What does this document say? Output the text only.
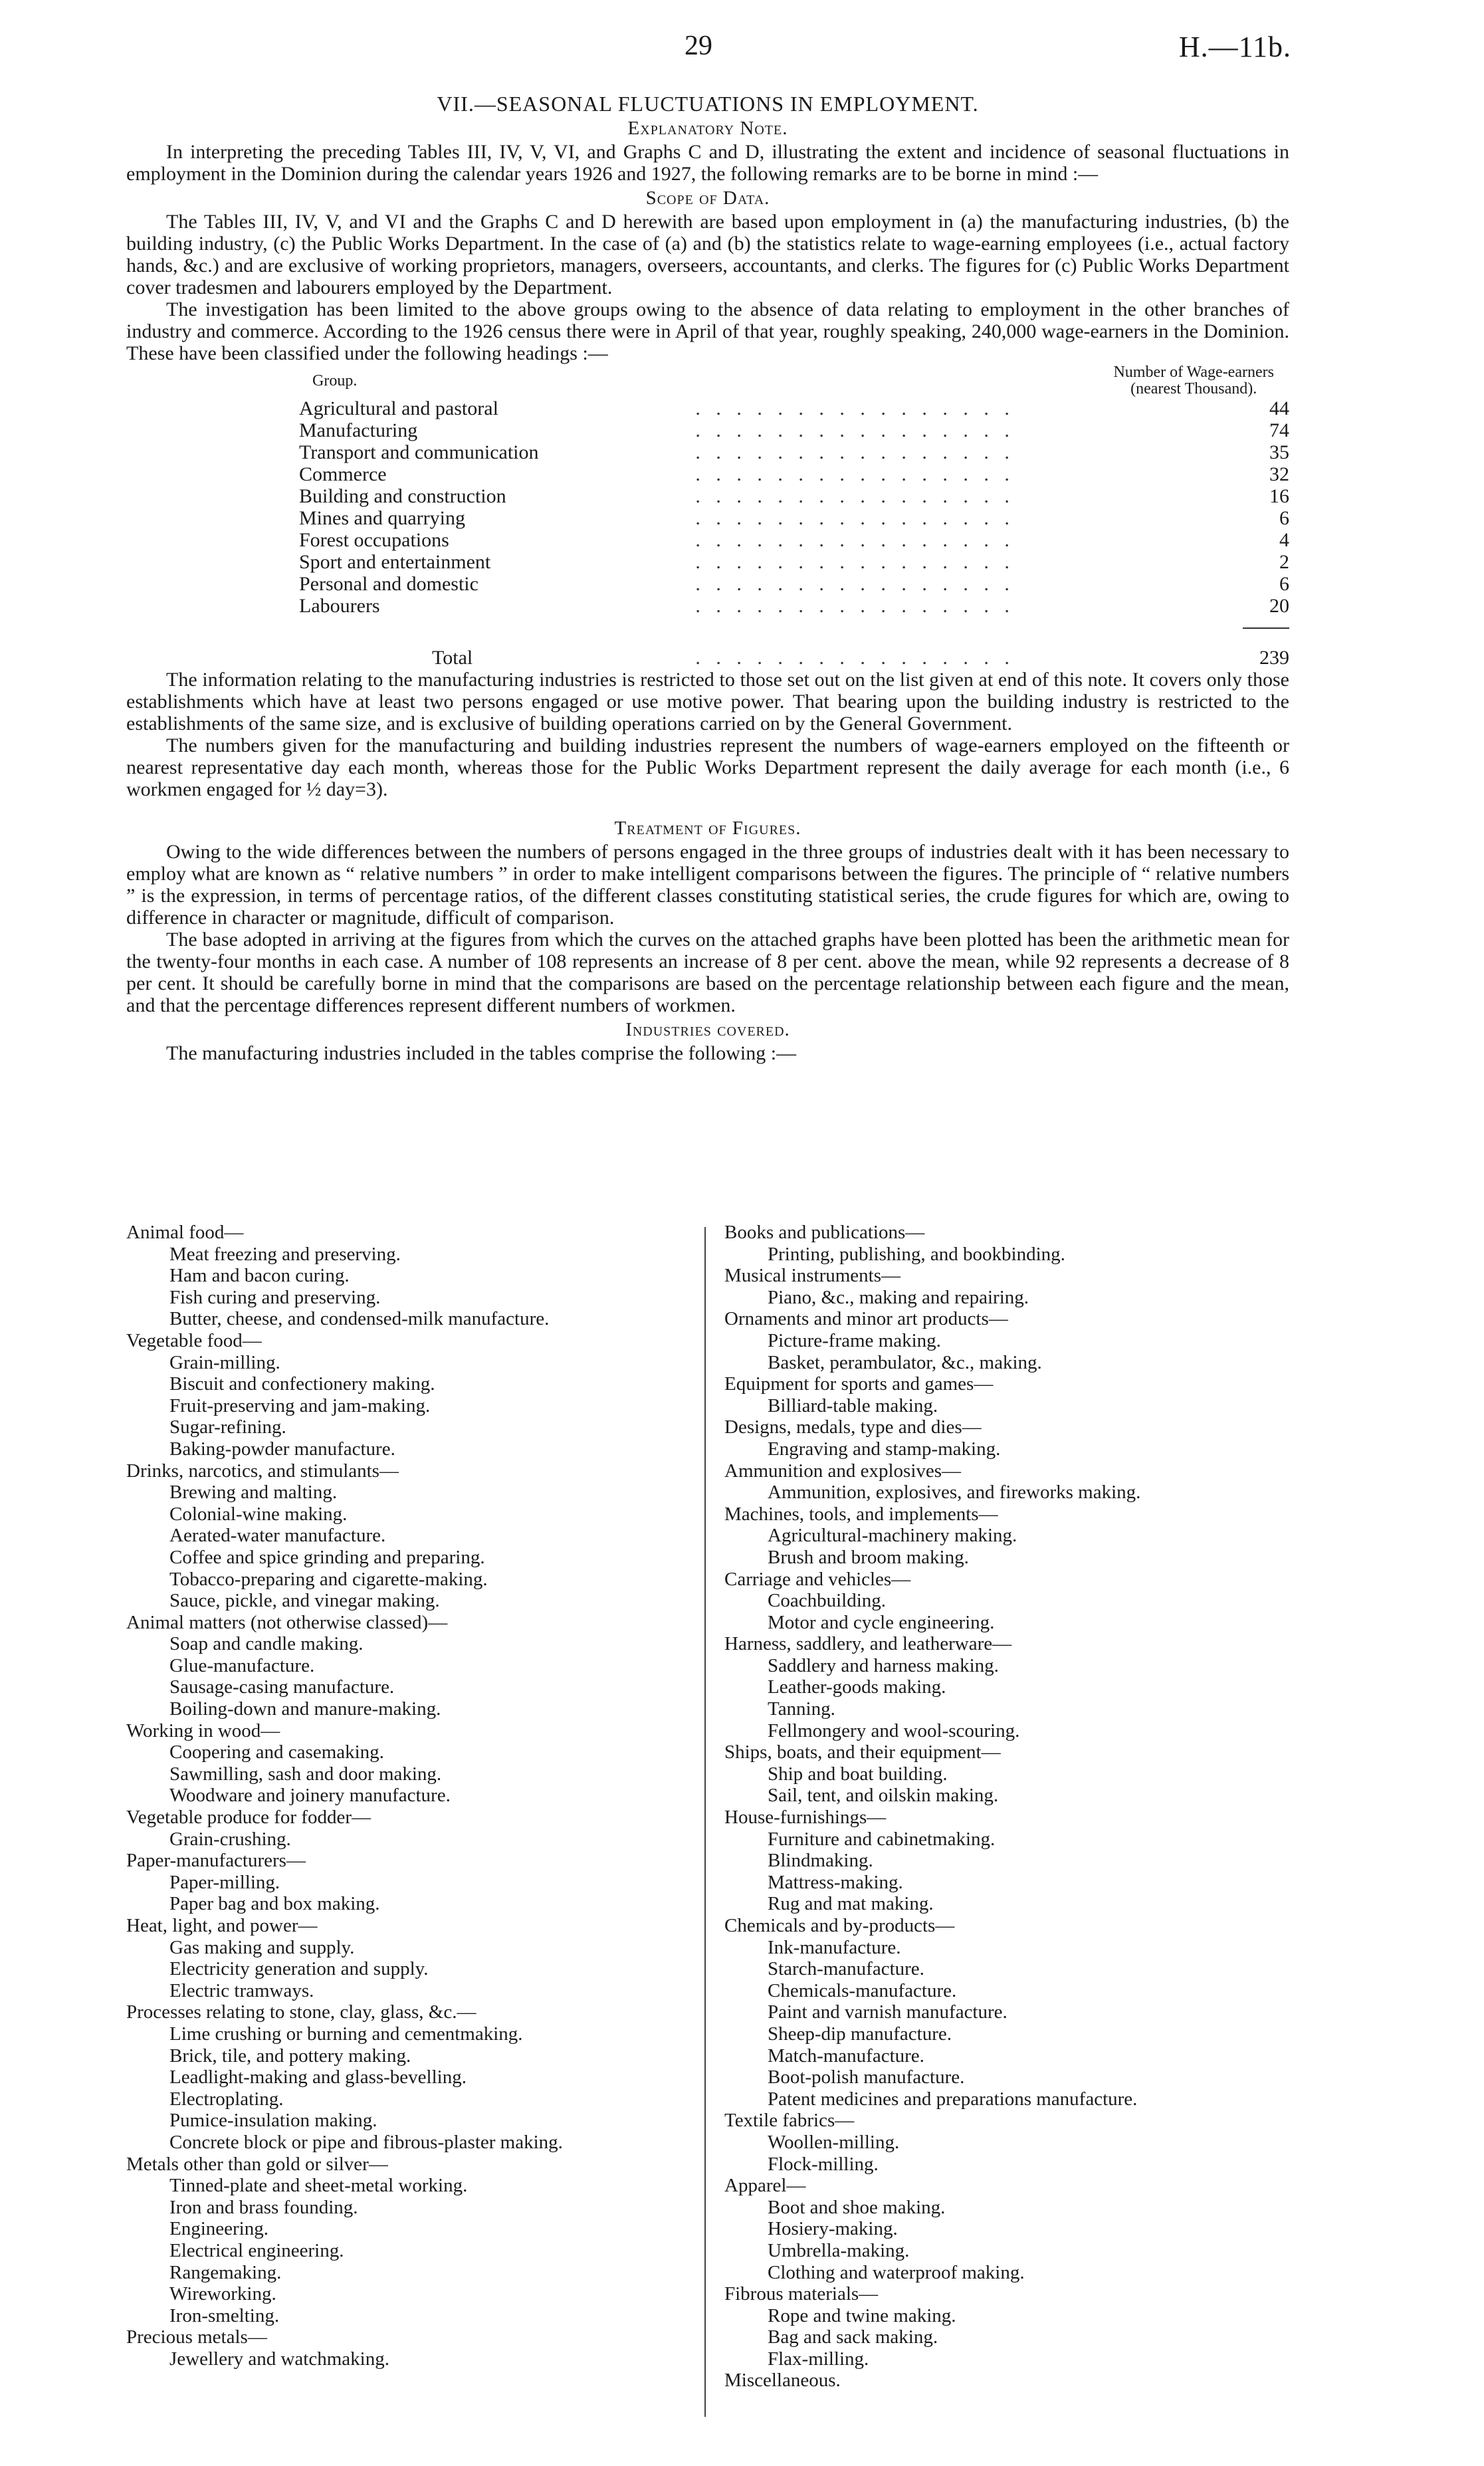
29	H.—11b.
VII.—SEASONAL FLUCTUATIONS IN EMPLOYMENT.
Explanatory Note.

In interpreting the preceding Tables III, IV, V, VI, and Graphs C and D, illustrating the extent and incidence of seasonal fluctuations in employment in the Dominion during the calendar years 1926 and 1927, the following remarks are to be borne in mind :—

Scope of Data.

The Tables III, IV, V, and VI and the Graphs C and D herewith are based upon employment in (a) the manufacturing industries, (b) the building industry, (c) the Public Works Department. In the case of (a) and (b) the statistics relate to wage-earning employees (i.e., actual factory hands, &c.) and are exclusive of working proprietors, managers, overseers, accountants, and clerks. The figures for (c) Public Works Department cover tradesmen and labourers employed by the Department.

The investigation has been limited to the above groups owing to the absence of data relating to employment in the other branches of industry and commerce. According to the 1926 census there were in April of that year, roughly speaking, 240,000 wage-earners in the Dominion. These have been classified under the following headings :—

Group.		Number of Wage-earners
(nearest Thousand).

Agricultural and pastoral	. . . . . . . . . . . . . . . .	44
Manufacturing	. . . . . . . . . . . . . . . .	74
Transport and communication	. . . . . . . . . . . . . . . .	35
Commerce	. . . . . . . . . . . . . . . .	32
Building and construction	. . . . . . . . . . . . . . . .	16
Mines and quarrying	. . . . . . . . . . . . . . . .	6
Forest occupations	. . . . . . . . . . . . . . . .	4
Sport and entertainment	. . . . . . . . . . . . . . . .	2
Personal and domestic	. . . . . . . . . . . . . . . .	6
Labourers	. . . . . . . . . . . . . . . .	20

Total	. . . . . . . . . . . . . . . .	239

The information relating to the manufacturing industries is restricted to those set out on the list given at end of this note. It covers only those establishments which have at least two persons engaged or use motive power. That bearing upon the building industry is restricted to the establishments of the same size, and is exclusive of building operations carried on by the General Government.

The numbers given for the manufacturing and building industries represent the numbers of wage-earners employed on the fifteenth or nearest representative day each month, whereas those for the Public Works Department represent the daily average for each month (i.e., 6 workmen engaged for ½ day=3).

Treatment of Figures.

Owing to the wide differences between the numbers of persons engaged in the three groups of industries dealt with it has been necessary to employ what are known as “ relative numbers ” in order to make intelligent comparisons between the figures. The principle of “ relative numbers ” is the expression, in terms of percentage ratios, of the different classes constituting statistical series, the crude figures for which are, owing to difference in character or magnitude, difficult of comparison.

The base adopted in arriving at the figures from which the curves on the attached graphs have been plotted has been the arithmetic mean for the twenty-four months in each case. A number of 108 represents an increase of 8 per cent. above the mean, while 92 represents a decrease of 8 per cent. It should be carefully borne in mind that the comparisons are based on the percentage relationship between each figure and the mean, and that the percentage differences represent different numbers of workmen.

Industries covered.

The manufacturing industries included in the tables comprise the following :—

Animal food—
Meat freezing and preserving.
Ham and bacon curing.
Fish curing and preserving.
Butter, cheese, and condensed-milk manufacture.
Vegetable food—
Grain-milling.
Biscuit and confectionery making.
Fruit-preserving and jam-making.
Sugar-refining.
Baking-powder manufacture.
Drinks, narcotics, and stimulants—
Brewing and malting.
Colonial-wine making.
Aerated-water manufacture.
Coffee and spice grinding and preparing.
Tobacco-preparing and cigarette-making.
Sauce, pickle, and vinegar making.
Animal matters (not otherwise classed)—
Soap and candle making.
Glue-manufacture.
Sausage-casing manufacture.
Boiling-down and manure-making.
Working in wood—
Coopering and casemaking.
Sawmilling, sash and door making.
Woodware and joinery manufacture.
Vegetable produce for fodder—
Grain-crushing.
Paper-manufacturers—
Paper-milling.
Paper bag and box making.
Heat, light, and power—
Gas making and supply.
Electricity generation and supply.
Electric tramways.
Processes relating to stone, clay, glass, &c.—
Lime crushing or burning and cementmaking.
Brick, tile, and pottery making.
Leadlight-making and glass-bevelling.
Electroplating.
Pumice-insulation making.
Concrete block or pipe and fibrous-plaster making.
Metals other than gold or silver—
Tinned-plate and sheet-metal working.
Iron and brass founding.
Engineering.
Electrical engineering.
Rangemaking.
Wireworking.
Iron-smelting.
Precious metals—
Jewellery and watchmaking.
Books and publications—
Printing, publishing, and bookbinding.
Musical instruments—
Piano, &c., making and repairing.
Ornaments and minor art products—
Picture-frame making.
Basket, perambulator, &c., making.
Equipment for sports and games—
Billiard-table making.
Designs, medals, type and dies—
Engraving and stamp-making.
Ammunition and explosives—
Ammunition, explosives, and fireworks making.
Machines, tools, and implements—
Agricultural-machinery making.
Brush and broom making.
Carriage and vehicles—
Coachbuilding.
Motor and cycle engineering.
Harness, saddlery, and leatherware—
Saddlery and harness making.
Leather-goods making.
Tanning.
Fellmongery and wool-scouring.
Ships, boats, and their equipment—
Ship and boat building.
Sail, tent, and oilskin making.
House-furnishings—
Furniture and cabinetmaking.
Blindmaking.
Mattress-making.
Rug and mat making.
Chemicals and by-products—
Ink-manufacture.
Starch-manufacture.
Chemicals-manufacture.
Paint and varnish manufacture.
Sheep-dip manufacture.
Match-manufacture.
Boot-polish manufacture.
Patent medicines and preparations manufacture.
Textile fabrics—
Woollen-milling.
Flock-milling.
Apparel—
Boot and shoe making.
Hosiery-making.
Umbrella-making.
Clothing and waterproof making.
Fibrous materials—
Rope and twine making.
Bag and sack making.
Flax-milling.
Miscellaneous.
